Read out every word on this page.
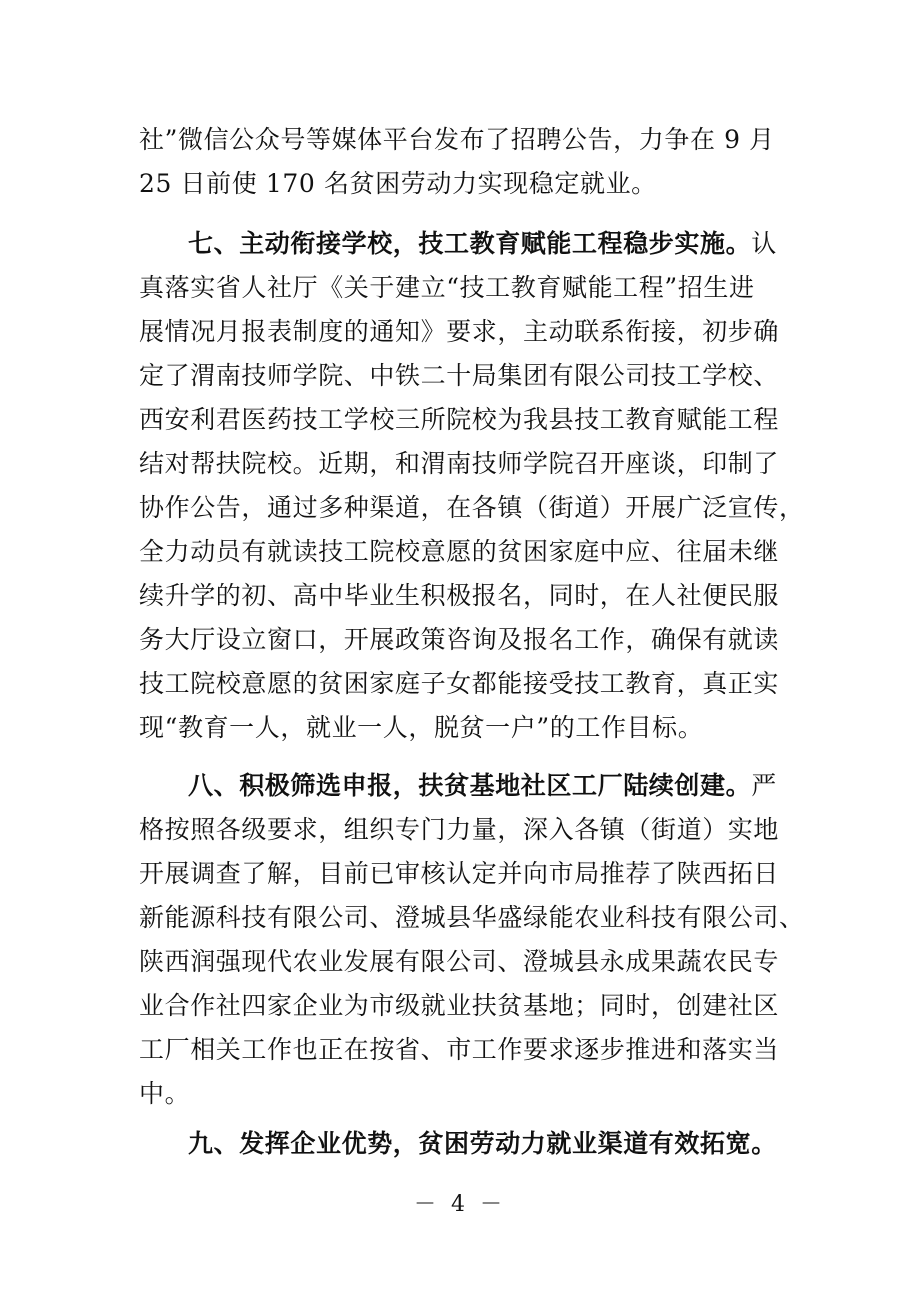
社”微信公众号等媒体平台发布了招聘公告，力争在 9 月
25 日前使 170 名贫困劳动力实现稳定就业。
七、主动衔接学校，技工教育赋能工程稳步实施。认
真落实省人社厅《关于建立“技工教育赋能工程”招生进
展情况月报表制度的通知》要求，主动联系衔接，初步确
定了渭南技师学院、中铁二十局集团有限公司技工学校、
西安利君医药技工学校三所院校为我县技工教育赋能工程
结对帮扶院校。近期，和渭南技师学院召开座谈，印制了
协作公告，通过多种渠道，在各镇（街道）开展广泛宣传，
全力动员有就读技工院校意愿的贫困家庭中应、往届未继
续升学的初、高中毕业生积极报名，同时，在人社便民服
务大厅设立窗口，开展政策咨询及报名工作，确保有就读
技工院校意愿的贫困家庭子女都能接受技工教育，真正实
现“教育一人，就业一人，脱贫一户”的工作目标。
八、积极筛选申报，扶贫基地社区工厂陆续创建。严
格按照各级要求，组织专门力量，深入各镇（街道）实地
开展调查了解，目前已审核认定并向市局推荐了陕西拓日
新能源科技有限公司、澄城县华盛绿能农业科技有限公司、
陕西润强现代农业发展有限公司、澄城县永成果蔬农民专
业合作社四家企业为市级就业扶贫基地；同时，创建社区
工厂相关工作也正在按省、市工作要求逐步推进和落实当
中。
九、发挥企业优势，贫困劳动力就业渠道有效拓宽。
－ 4 －
